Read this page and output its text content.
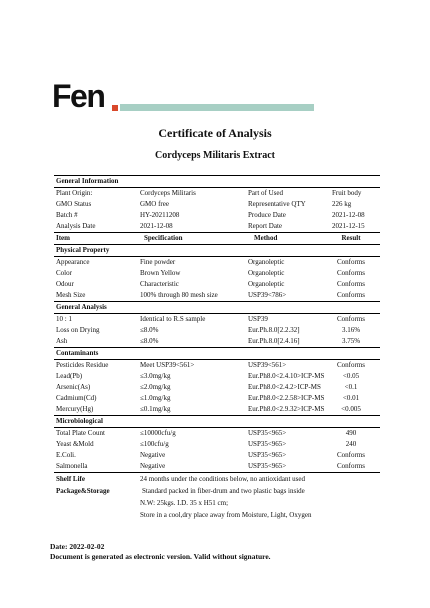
Fen
Certificate of Analysis
Cordyceps Militaris Extract
General Information
Plant Origin:	Cordyceps Militaris	Part of Used	Fruit body
GMO Status	GMO free	Representative QTY	226 kg
Batch #	HY-20211208	Produce Date	2021-12-08
Analysis Date	2021-12-08	Report Date	2021-12-15
Item	Specification	Method	Result
Physical Property
Appearance	Fine powder	Organoleptic	Conforms
Color	Brown Yellow	Organoleptic	Conforms
Odour	Characteristic	Organoleptic	Conforms
Mesh Size	100% through 80 mesh size	USP39<786>	Conforms
General Analysis
10 : 1	Identical to R.S sample	USP39	Conforms
Loss on Drying	≤8.0%	Eur.Ph.8.0[2.2.32]	3.16%
Ash	≤8.0%	Eur.Ph.8.0[2.4.16]	3.75%
Contaminants
Pesticides Residue	Meet USP39<561>	USP39<561>	Conforms
Lead(Pb)	≤3.0mg/kg	Eur.Ph8.0<2.4.10>ICP-MS	<0.05
Arsenic(As)	≤2.0mg/kg	Eur.Ph8.0<2.4.2>ICP-MS	<0.1
Cadmium(Cd)	≤1.0mg/kg	Eur.Ph8.0<2.2.58>ICP-MS	<0.01
Mercury(Hg)	≤0.1mg/kg	Eur.Ph8.0<2.9.32>ICP-MS	<0.005
Microbiological
Total Plate Count	≤10000cfu/g	USP35<965>	490
Yeast &Mold	≤100cfu/g	USP35<965>	240
E.Coli.	Negative	USP35<965>	Conforms
Salmonella	Negative	USP35<965>	Conforms
Shelf Life	24 months under the conditions below, no antioxidant used
Package&Storage	Standard packed in fiber-drum and two plastic bags inside
N.W: 25kgs. I.D. 35 x H51 cm;
Store in a cool,dry place away from Moisture, Light, Oxygen
Date: 2022-02-02
Document is generated as electronic version. Valid without signature.
